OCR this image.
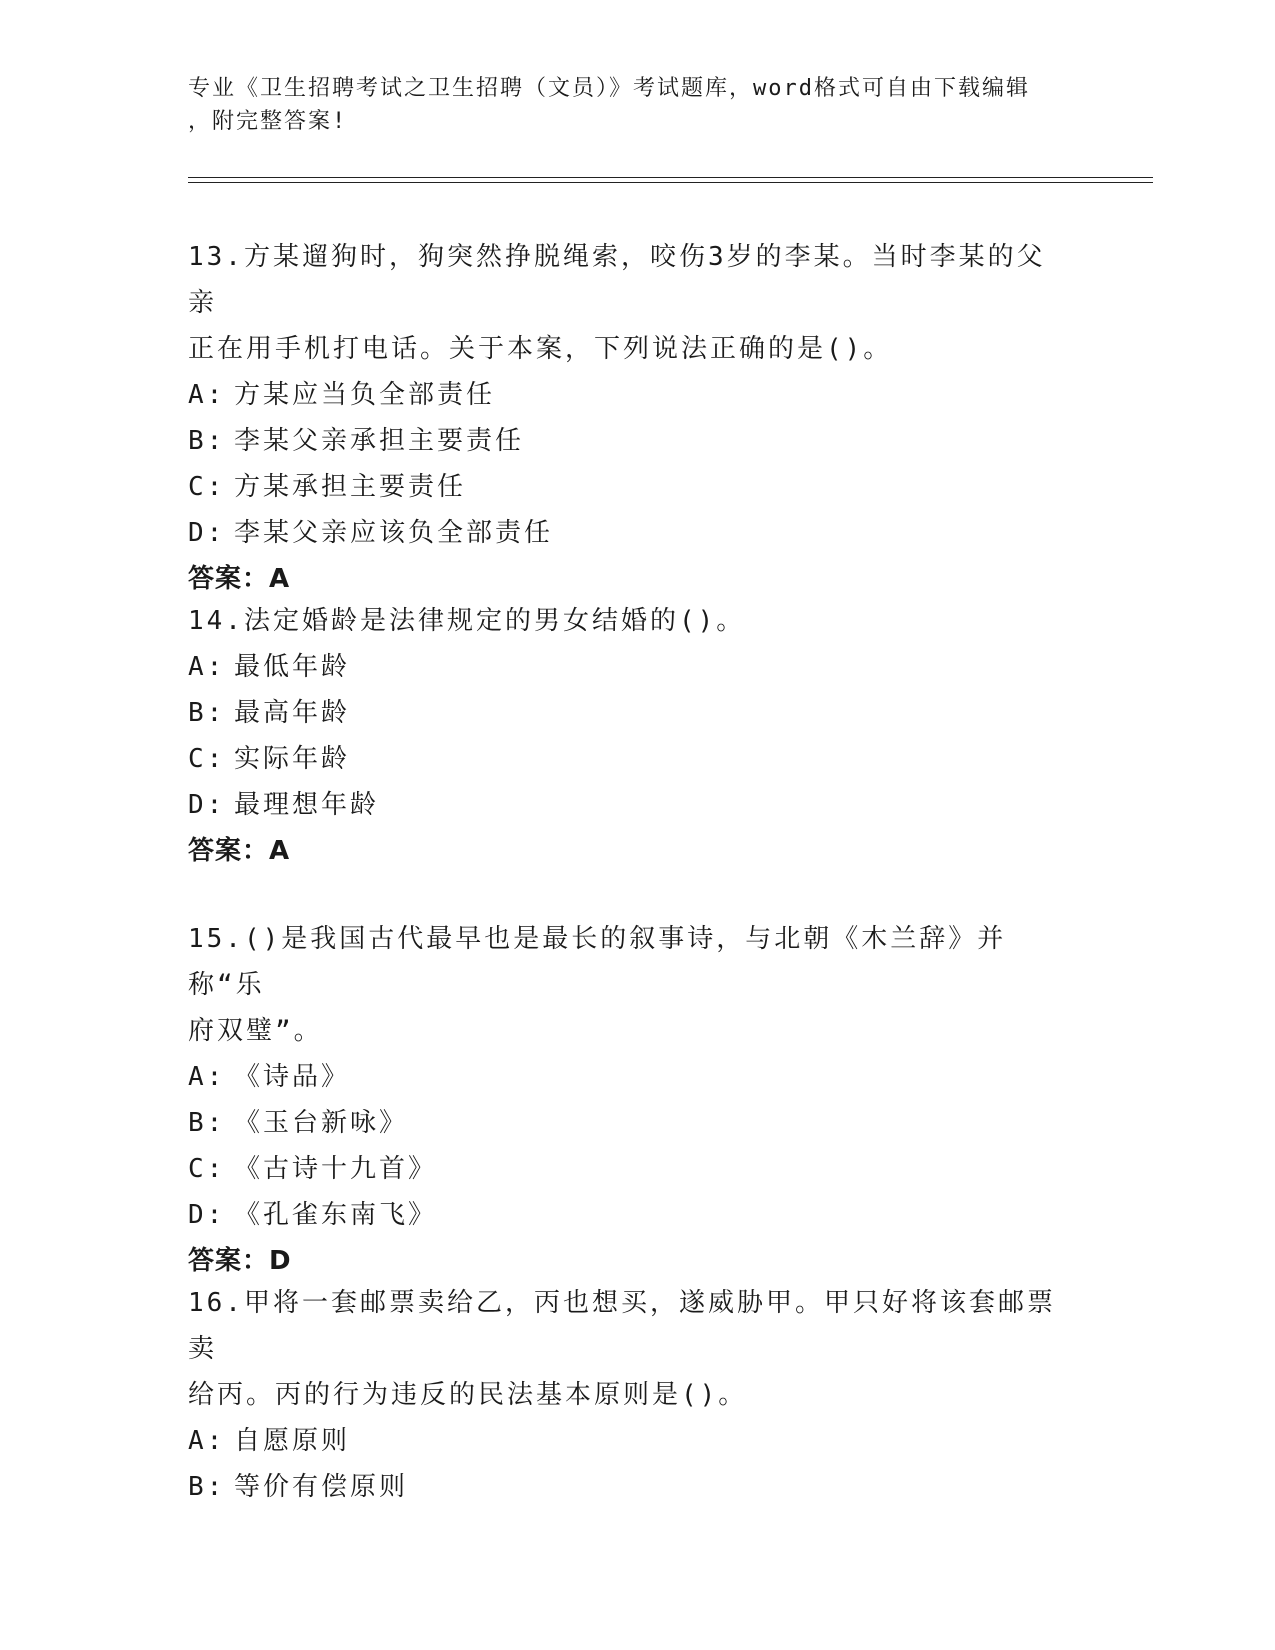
专业《卫生招聘考试之卫生招聘（文员）》考试题库，word格式可自由下载编辑
，附完整答案!

13.方某遛狗时，狗突然挣脱绳索，咬伤3岁的李某。当时李某的父亲

正在用手机打电话。关于本案，下列说法正确的是()。

A: 方某应当负全部责任

B: 李某父亲承担主要责任

C: 方某承担主要责任

D: 李某父亲应该负全部责任

答案：A

14.法定婚龄是法律规定的男女结婚的()。

A: 最低年龄

B: 最高年龄

C: 实际年龄

D: 最理想年龄

答案：A

15.()是我国古代最早也是最长的叙事诗，与北朝《木兰辞》并称“乐

府双璧”。

A: 《诗品》

B: 《玉台新咏》

C: 《古诗十九首》

D: 《孔雀东南飞》

答案：D

16.甲将一套邮票卖给乙，丙也想买，遂威胁甲。甲只好将该套邮票卖

给丙。丙的行为违反的民法基本原则是()。

A: 自愿原则

B: 等价有偿原则
